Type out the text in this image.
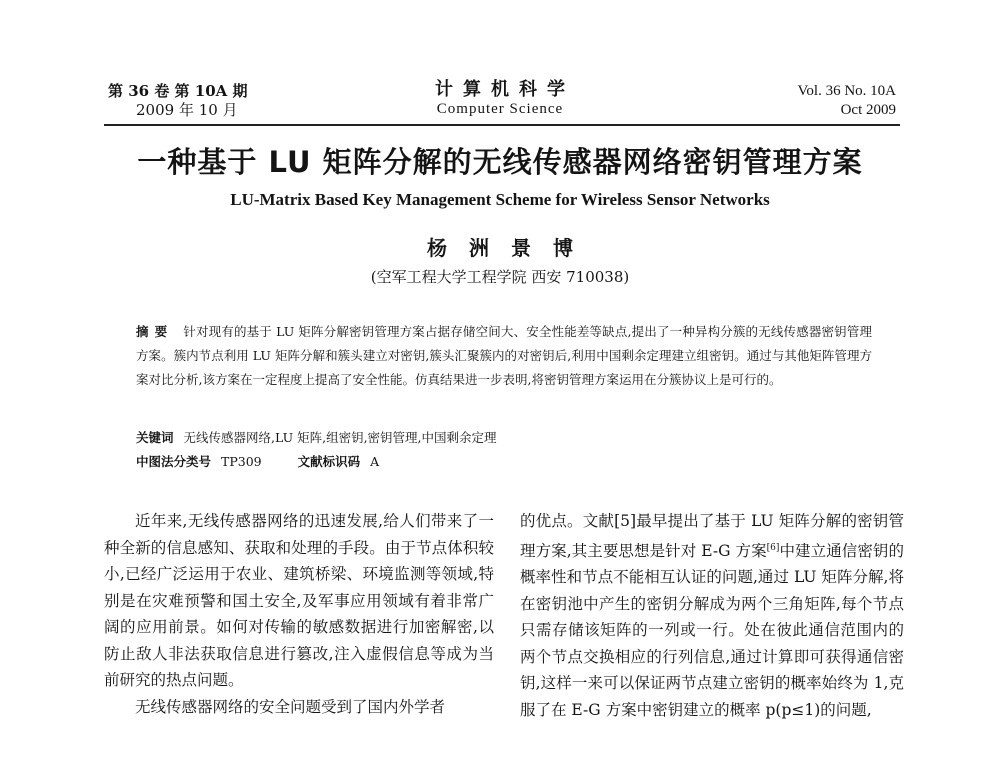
第 36 卷 第 10A 期
2009 年 10 月
计算机科学
Computer Science
Vol. 36 No. 10A
Oct 2009
一种基于 LU 矩阵分解的无线传感器网络密钥管理方案
LU-Matrix Based Key Management Scheme for Wireless Sensor Networks
杨 洲 景 博
(空军工程大学工程学院 西安 710038)
摘要 针对现有的基于 LU 矩阵分解密钥管理方案占据存储空间大、安全性能差等缺点,提出了一种异构分簇的无线传感器密钥管理方案。簇内节点利用 LU 矩阵分解和簇头建立对密钥,簇头汇聚簇内的对密钥后,利用中国剩余定理建立组密钥。通过与其他矩阵管理方案对比分析,该方案在一定程度上提高了安全性能。仿真结果进一步表明,将密钥管理方案运用在分簇协议上是可行的。
关键词 无线传感器网络,LU 矩阵,组密钥,密钥管理,中国剩余定理
中图法分类号 TP309	文献标识码 A

近年来,无线传感器网络的迅速发展,给人们带来了一种全新的信息感知、获取和处理的手段。由于节点体积较小,已经广泛运用于农业、建筑桥梁、环境监测等领域,特别是在灾难预警和国土安全,及军事应用领域有着非常广阔的应用前景。如何对传输的敏感数据进行加密解密,以防止敌人非法获取信息进行篡改,注入虚假信息等成为当前研究的热点问题。

无线传感器网络的安全问题受到了国内外学者

的优点。文献[5]最早提出了基于 LU 矩阵分解的密钥管理方案,其主要思想是针对 E-G 方案[6]中建立通信密钥的概率性和节点不能相互认证的问题,通过 LU 矩阵分解,将在密钥池中产生的密钥分解成为两个三角矩阵,每个节点只需存储该矩阵的一列或一行。处在彼此通信范围内的两个节点交换相应的行列信息,通过计算即可获得通信密钥,这样一来可以保证两节点建立密钥的概率始终为 1,克服了在 E-G 方案中密钥建立的概率 p(p≤1)的问题,
